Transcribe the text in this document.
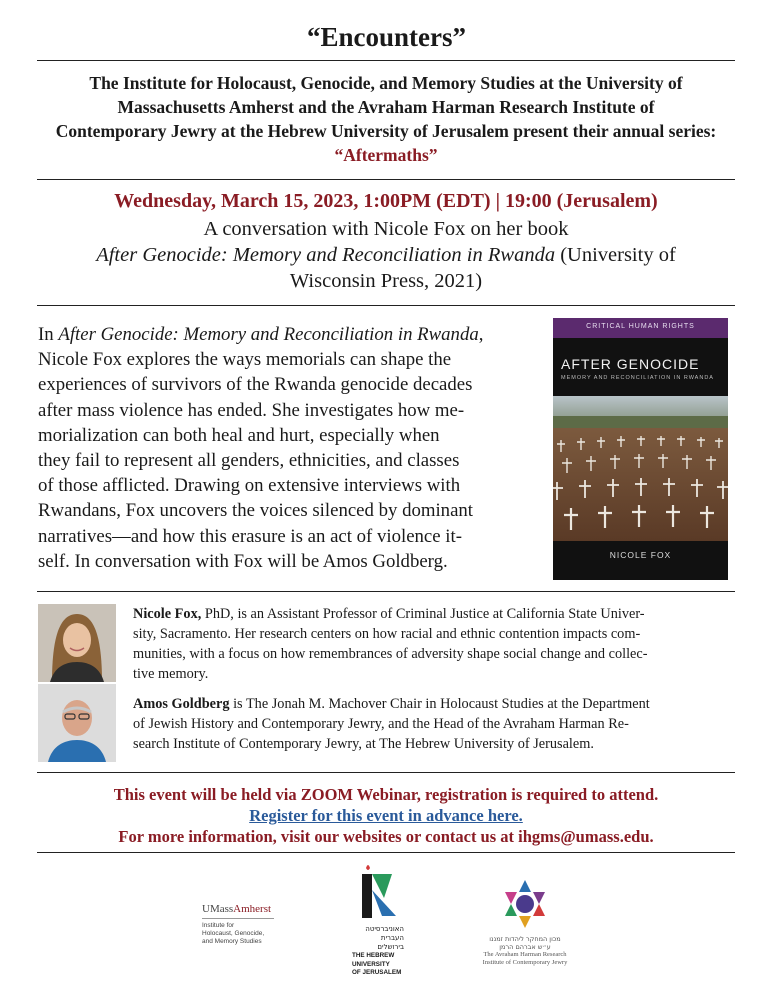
“Encounters”
The Institute for Holocaust, Genocide, and Memory Studies at the University of
Massachusetts Amherst and the Avraham Harman Research Institute of
Contemporary Jewry at the Hebrew University of Jerusalem present their annual series:
“Aftermaths”
Wednesday, March 15, 2023, 1:00PM (EDT) | 19:00 (Jerusalem)
A conversation with Nicole Fox on her book
After Genocide: Memory and Reconciliation in Rwanda (University of
Wisconsin Press, 2021)
In After Genocide: Memory and Reconciliation in Rwanda,
Nicole Fox explores the ways memorials can shape the
experiences of survivors of the Rwanda genocide decades
after mass violence has ended. She investigates how me-
morialization can both heal and hurt, especially when
they fail to represent all genders, ethnicities, and classes
of those afflicted. Drawing on extensive interviews with
Rwandans, Fox uncovers the voices silenced by dominant
narratives—and how this erasure is an act of violence it-
self. In conversation with Fox will be Amos Goldberg.
CRITICAL HUMAN RIGHTS
AFTER GENOCIDE
MEMORY AND RECONCILIATION IN RWANDA
NICOLE FOX
Nicole Fox, PhD, is an Assistant Professor of Criminal Justice at California State Univer-
sity, Sacramento. Her research centers on how racial and ethnic contention impacts com-
munities, with a focus on how remembrances of adversity shape social change and collec-
tive memory.
Amos Goldberg is The Jonah M. Machover Chair in Holocaust Studies at the Department
of Jewish History and Contemporary Jewry, and the Head of the Avraham Harman Re-
search Institute of Contemporary Jewry, at The Hebrew University of Jerusalem.
This event will be held via ZOOM Webinar, registration is required to attend.
Register for this event in advance here.
For more information, visit our websites or contact us at ihgms@umass.edu.
UMassAmherst
Institute for
Holocaust, Genocide,
and Memory Studies
האוניברסיטה
העברית
בירושלים
THE HEBREW
UNIVERSITY
OF JERUSALEM
מכון המחקר ליהדות זמננו
ע״ש אברהם הרמן
The Avraham Harman Research
Institute of Contemporary Jewry
